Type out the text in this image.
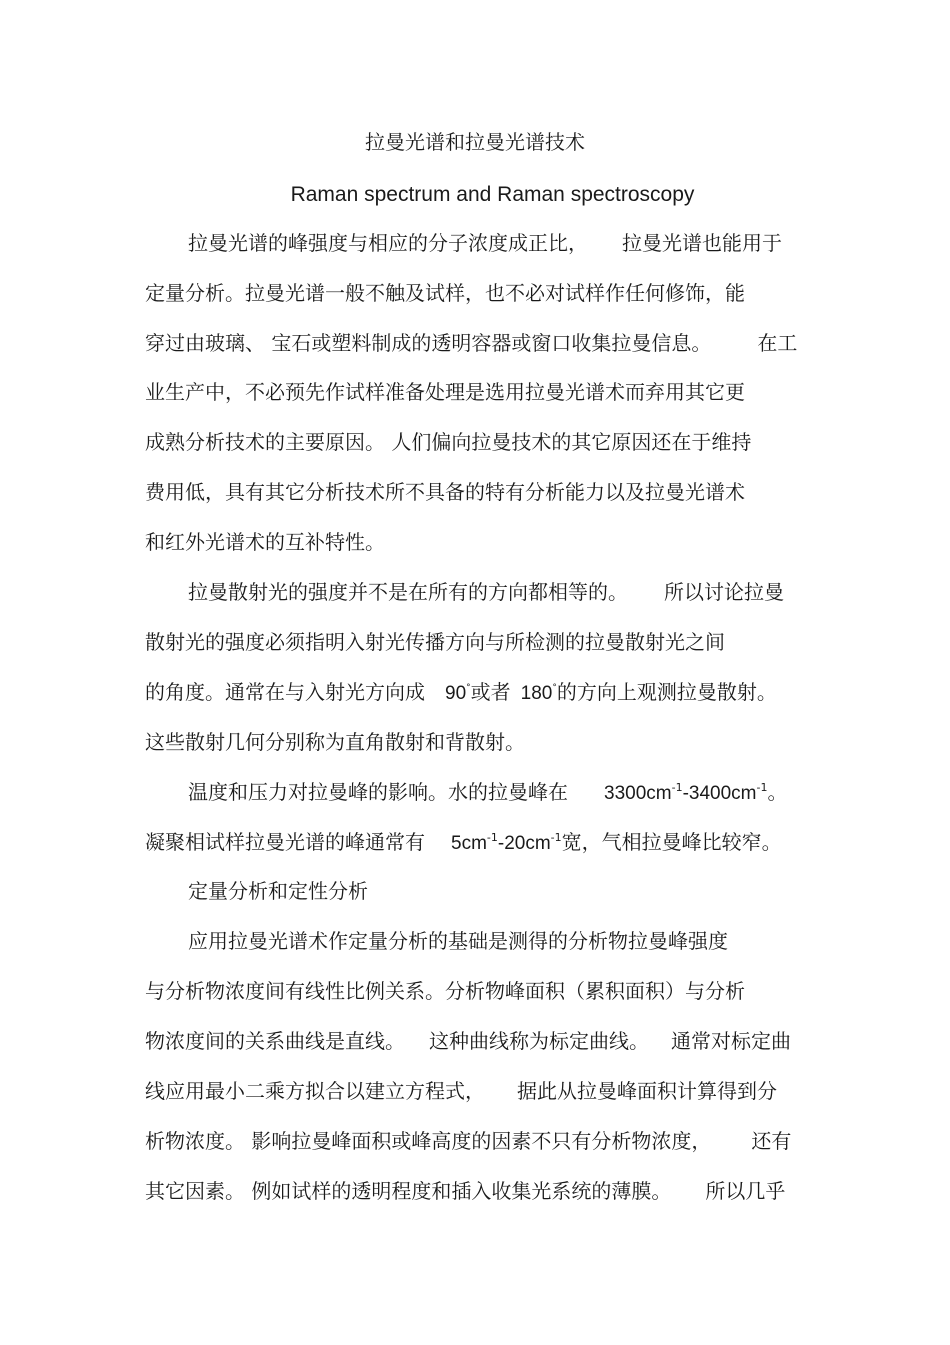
拉曼光谱和拉曼光谱技术
Raman spectrum and Raman spectroscopy
拉曼光谱的峰强度与相应的分子浓度成正比， 拉曼光谱也能用于
定量分析。拉曼光谱一般不触及试样，也不必对试样作任何修饰，能
穿过由玻璃、 宝石或塑料制成的透明容器或窗口收集拉曼信息。 在工
业生产中，不必预先作试样准备处理是选用拉曼光谱术而弃用其它更
成熟分析技术的主要原因。 人们偏向拉曼技术的其它原因还在于维持
费用低，具有其它分析技术所不具备的特有分析能力以及拉曼光谱术
和红外光谱术的互补特性。
拉曼散射光的强度并不是在所有的方向都相等的。 所以讨论拉曼
散射光的强度必须指明入射光传播方向与所检测的拉曼散射光之间
的角度。通常在与入射光方向成 90°或者 180°的方向上观测拉曼散射。
这些散射几何分别称为直角散射和背散射。
温度和压力对拉曼峰的影响。水的拉曼峰在 $3300cm^{-1}-3400cm^{-1}$。
凝聚相试样拉曼光谱的峰通常有 $5cm^{-1}-20cm^{-1}$宽，气相拉曼峰比较窄。
定量分析和定性分析
应用拉曼光谱术作定量分析的基础是测得的分析物拉曼峰强度
与分析物浓度间有线性比例关系。分析物峰面积（累积面积）与分析
物浓度间的关系曲线是直线。 这种曲线称为标定曲线。 通常对标定曲
线应用最小二乘方拟合以建立方程式， 据此从拉曼峰面积计算得到分
析物浓度。 影响拉曼峰面积或峰高度的因素不只有分析物浓度， 还有
其它因素。 例如试样的透明程度和插入收集光系统的薄膜。 所以几乎
